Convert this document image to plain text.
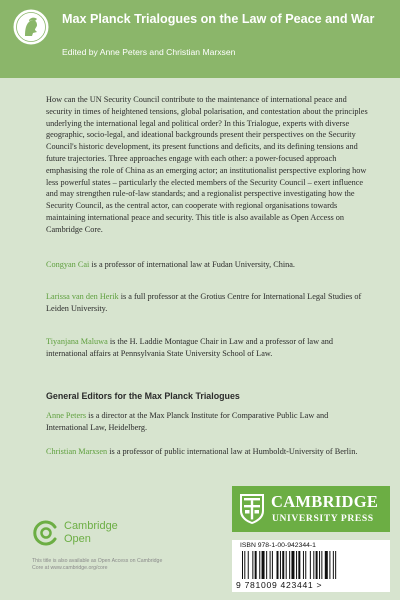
Max Planck Trialogues on the Law of Peace and War
Edited by Anne Peters and Christian Marxsen

How can the UN Security Council contribute to the maintenance of international peace and security in times of heightened tensions, global polarisation, and contestation about the principles underlying the international legal and political order? In this Trialogue, experts with diverse geographic, socio-legal, and ideational backgrounds present their perspectives on the Security Council's historic development, its present functions and deficits, and its defining tensions and future trajectories. Three approaches engage with each other: a power-focused approach emphasising the role of China as an emerging actor; an institutionalist perspective exploring how less powerful states – particularly the elected members of the Security Council – exert influence and may strengthen rule-of-law standards; and a regionalist perspective investigating how the Security Council, as the central actor, can cooperate with regional organisations towards maintaining international peace and security. This title is also available as Open Access on Cambridge Core.

Congyan Cai is a professor of international law at Fudan University, China.

Larissa van den Herik is a full professor at the Grotius Centre for International Legal Studies of Leiden University.

Tiyanjana Maluwa is the H. Laddie Montague Chair in Law and a professor of law and international affairs at Pennsylvania State University School of Law.

General Editors for the Max Planck Trialogues

Anne Peters is a director at the Max Planck Institute for Comparative Public Law and International Law, Heidelberg.

Christian Marxsen is a professor of public international law at Humboldt-University of Berlin.

Cambridge
Open
This title is also available as Open Access on Cambridge Core at www.cambridge.org/core
CAMBRIDGE
UNIVERSITY PRESS
ISBN 978-1-00-942344-1
9 781009 423441 >
